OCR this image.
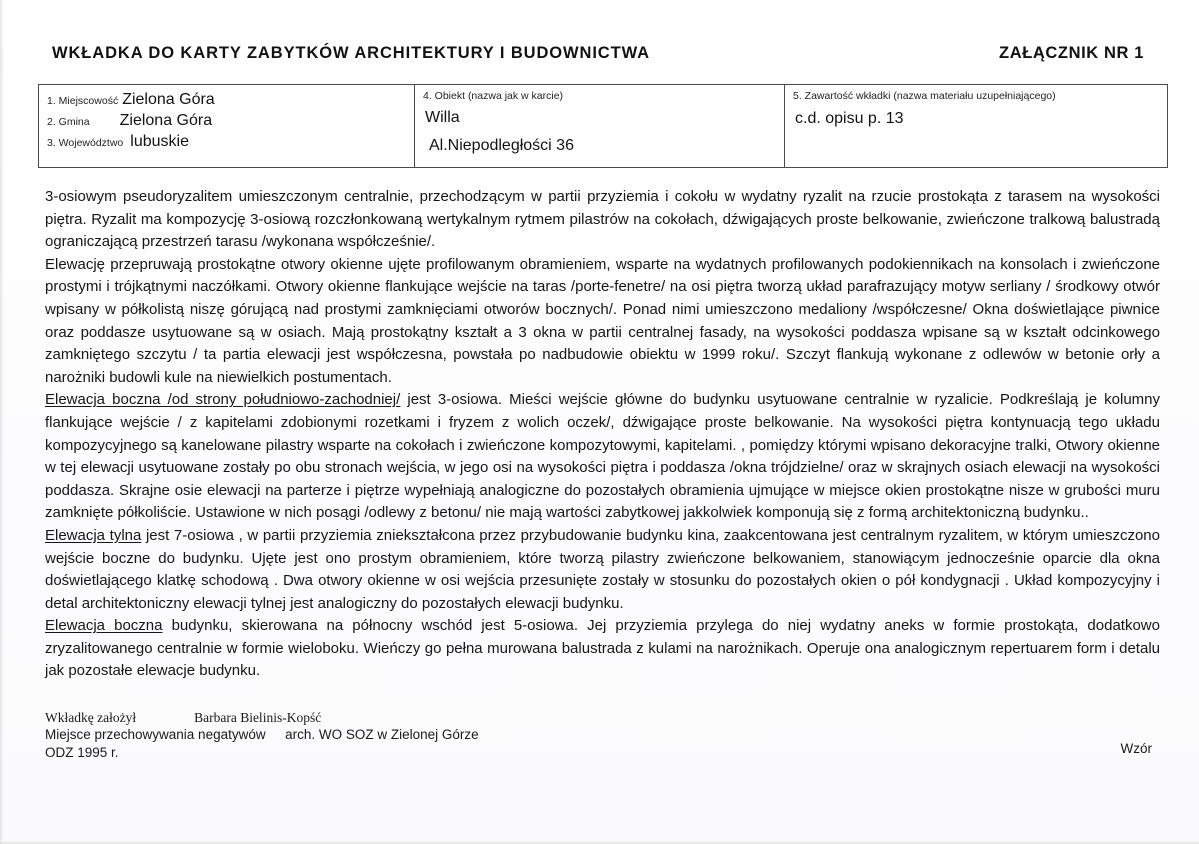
WKŁADKA DO KARTY ZABYTKÓW ARCHITEKTURY I BUDOWNICTWA	ZAŁĄCZNIK NR 1
1. Miejscowość Zielona Góra
2. Gmina Zielona Góra
3. Województwo lubuskie
4. Obiekt (nazwa jak w karcie)
Willa
Al.Niepodległości 36
5. Zawartość wkładki (nazwa materiału uzupełniającego)
c.d. opisu p. 13

3-osiowym pseudoryzalitem umieszczonym centralnie, przechodzącym w partii przyziemia i cokołu w wydatny ryzalit na rzucie prostokąta z tarasem na wysokości piętra. Ryzalit ma kompozycję 3-osiową rozczłonkowaną wertykalnym rytmem pilastrów na cokołach, dźwigających proste belkowanie, zwieńczone tralkową balustradą ograniczającą przestrzeń tarasu /wykonana współcześnie/.

Elewację przepruwają prostokątne otwory okienne ujęte profilowanym obramieniem, wsparte na wydatnych profilowanych podokiennikach na konsolach i zwieńczone prostymi i trójkątnymi naczółkami. Otwory okienne flankujące wejście na taras /porte-fenetre/ na osi piętra tworzą układ parafrazujący motyw serliany / środkowy otwór wpisany w półkolistą niszę górującą nad prostymi zamknięciami otworów bocznych/. Ponad nimi umieszczono medaliony /współczesne/ Okna doświetlające piwnice oraz poddasze usytuowane są w osiach. Mają prostokątny kształt a 3 okna w partii centralnej fasady, na wysokości poddasza wpisane są w kształt odcinkowego zamkniętego szczytu / ta partia elewacji jest współczesna, powstała po nadbudowie obiektu w 1999 roku/. Szczyt flankują wykonane z odlewów w betonie orły a narożniki budowli kule na niewielkich postumentach.

Elewacja boczna /od strony południowo-zachodniej/ jest 3-osiowa. Mieści wejście główne do budynku usytuowane centralnie w ryzalicie. Podkreślają je kolumny flankujące wejście / z kapitelami zdobionymi rozetkami i fryzem z wolich oczek/, dźwigające proste belkowanie. Na wysokości piętra kontynuacją tego układu kompozycyjnego są kanelowane pilastry wsparte na cokołach i zwieńczone kompozytowymi, kapitelami. , pomiędzy którymi wpisano dekoracyjne tralki, Otwory okienne w tej elewacji usytuowane zostały po obu stronach wejścia, w jego osi na wysokości piętra i poddasza /okna trójdzielne/ oraz w skrajnych osiach elewacji na wysokości poddasza. Skrajne osie elewacji na parterze i piętrze wypełniają analogiczne do pozostałych obramienia ujmujące w miejsce okien prostokątne nisze w grubości muru zamknięte półkoliście. Ustawione w nich posągi /odlewy z betonu/ nie mają wartości zabytkowej jakkolwiek komponują się z formą architektoniczną budynku..

Elewacja tylna jest 7-osiowa , w partii przyziemia zniekształcona przez przybudowanie budynku kina, zaakcentowana jest centralnym ryzalitem, w którym umieszczono wejście boczne do budynku. Ujęte jest ono prostym obramieniem, które tworzą pilastry zwieńczone belkowaniem, stanowiącym jednocześnie oparcie dla okna doświetlającego klatkę schodową . Dwa otwory okienne w osi wejścia przesunięte zostały w stosunku do pozostałych okien o pół kondygnacji . Układ kompozycyjny i detal architektoniczny elewacji tylnej jest analogiczny do pozostałych elewacji budynku.

Elewacja boczna budynku, skierowana na północny wschód jest 5-osiowa. Jej przyziemia przylega do niej wydatny aneks w formie prostokąta, dodatkowo zryzalitowanego centralnie w formie wieloboku. Wieńczy go pełna murowana balustrada z kulami na narożnikach. Operuje ona analogicznym repertuarem form i detalu jak pozostałe elewacje budynku.

Wkładkę założył	Barbara Bielinis-Kopść
Miejsce przechowywania negatywów arch. WO SOZ w Zielonej Górze
ODZ 1995 r.	Wzór
